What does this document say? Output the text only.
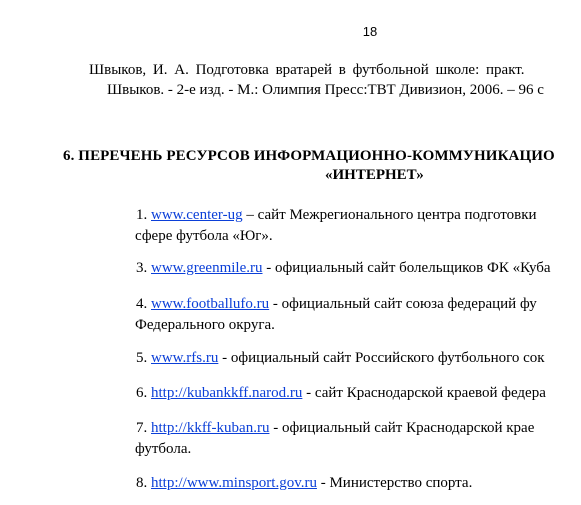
18
Швыков, И. А. Подготовка вратарей в футбольной школе: практ.
Швыков. - 2-е изд. - М.: Олимпия Пресс:ТВТ Дивизион, 2006. – 96 с
6. ПЕРЕЧЕНЬ РЕСУРСОВ ИНФОРМАЦИОННО-КОММУНИКАЦИО
«ИНТЕРНЕТ»
1. www.center-ug – сайт Межрегионального центра подготовки
сфере футбола «Юг».
3. www.greenmile.ru - официальный сайт болельщиков ФК «Куба
4. www.footballufo.ru - официальный сайт союза федераций фу
Федерального округа.
5. www.rfs.ru - официальный сайт Российского футбольного сок
6. http://kubankkff.narod.ru - сайт Краснодарской краевой федера
7. http://kkff-kuban.ru - официальный сайт Краснодарской крае
футбола.
8. http://www.minsport.gov.ru - Министерство спорта.
